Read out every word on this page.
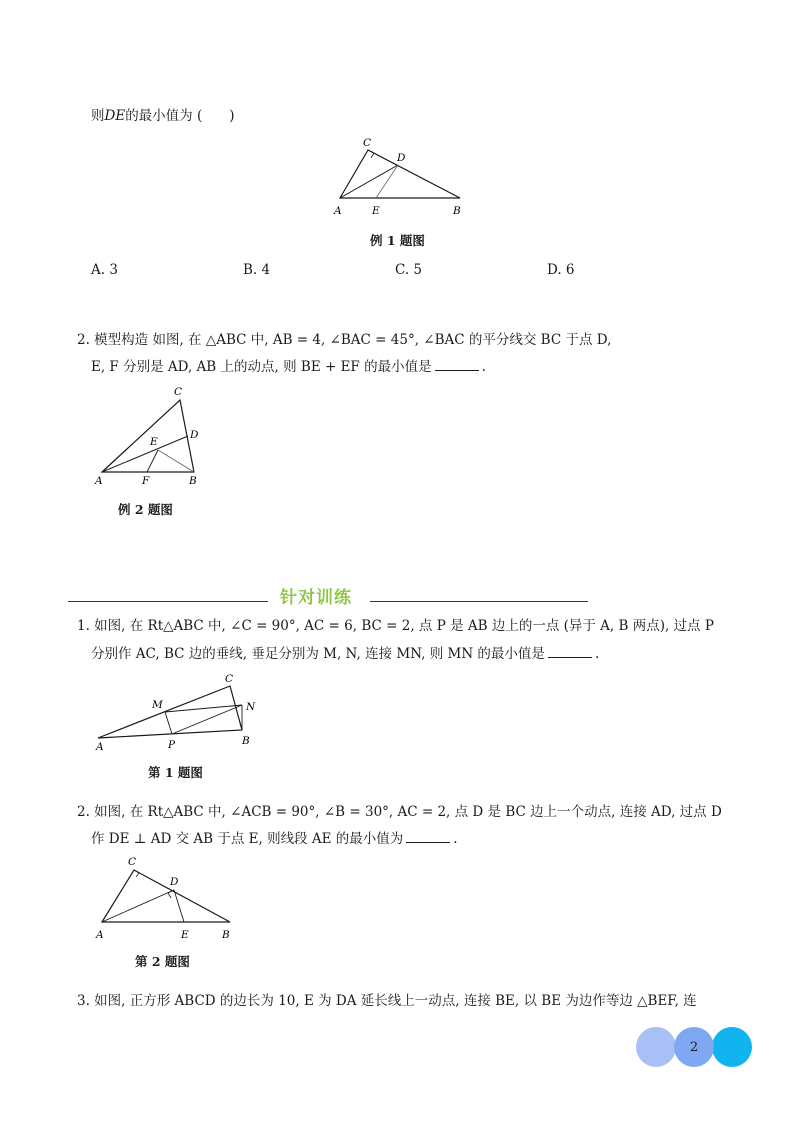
则DE的最小值为 (　　)
C
D
A	E	B
例 1 题图
A. 3	B. 4	C. 5	D. 6
2. 模型构造 如图, 在 △ABC 中, AB = 4, ∠BAC = 45°, ∠BAC 的平分线交 BC 于点 D,
E, F 分别是 AD, AB 上的动点, 则 BE + EF 的最小值是	.
C
D
E
A	F	B
例 2 题图
针对训练
1. 如图, 在 Rt△ABC 中, ∠C = 90°, AC = 6, BC = 2, 点 P 是 AB 边上的一点 (异于 A, B 两点), 过点 P
分别作 AC, BC 边的垂线, 垂足分别为 M, N, 连接 MN, 则 MN 的最小值是	.
C
M	N
A	P	B
第 1 题图
2. 如图, 在 Rt△ABC 中, ∠ACB = 90°, ∠B = 30°, AC = 2, 点 D 是 BC 边上一个动点, 连接 AD, 过点 D
作 DE ⊥ AD 交 AB 于点 E, 则线段 AE 的最小值为	.
C
D
A	E	B
第 2 题图
3. 如图, 正方形 ABCD 的边长为 10, E 为 DA 延长线上一动点, 连接 BE, 以 BE 为边作等边 △BEF, 连
2
